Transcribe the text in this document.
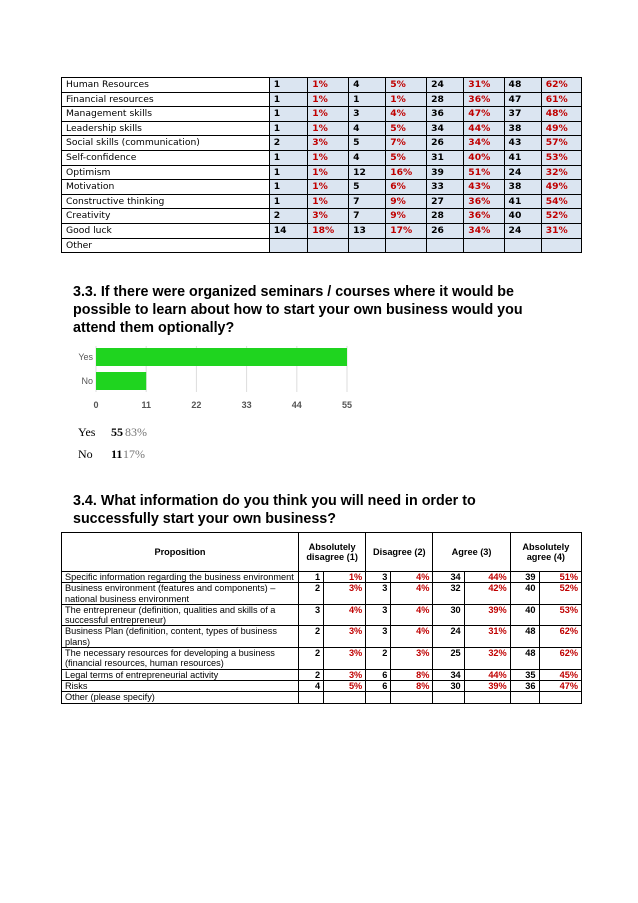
Human Resources	1	1%	4	5%	24	31%	48	62%
Financial resources	1	1%	1	1%	28	36%	47	61%
Management skills	1	1%	3	4%	36	47%	37	48%
Leadership skills	1	1%	4	5%	34	44%	38	49%
Social skills (communication)	2	3%	5	7%	26	34%	43	57%
Self-confidence	1	1%	4	5%	31	40%	41	53%
Optimism	1	1%	12	16%	39	51%	24	32%
Motivation	1	1%	5	6%	33	43%	38	49%
Constructive thinking	1	1%	7	9%	27	36%	41	54%
Creativity	2	3%	7	9%	28	36%	40	52%
Good luck	14	18%	13	17%	26	34%	24	31%
Other								
3.3. If there were organized seminars / courses where it would be possible to learn about how to start your own business would you attend them optionally?
0	11	22	33	44	55
Yes
No
Yes 55 83%
No 11 17%
3.4. What information do you think you will need in order to successfully start your own business?
Proposition	Absolutely disagree (1)		Disagree (2)		Agree (3)		Absolutely agree (4)	
Specific information regarding the business environment	1	1%	3	4%	34	44%	39	51%
Business environment (features and components) – national business environment	2	3%	3	4%	32	42%	40	52%
The entrepreneur (definition, qualities and skills of a successful entrepreneur)	3	4%	3	4%	30	39%	40	53%
Business Plan (definition, content, types of business plans)	2	3%	3	4%	24	31%	48	62%
The necessary resources for developing a business (financial resources, human resources)	2	3%	2	3%	25	32%	48	62%
Legal terms of entrepreneurial activity	2	3%	6	8%	34	44%	35	45%
Risks	4	5%	6	8%	30	39%	36	47%
Other (please specify)								
